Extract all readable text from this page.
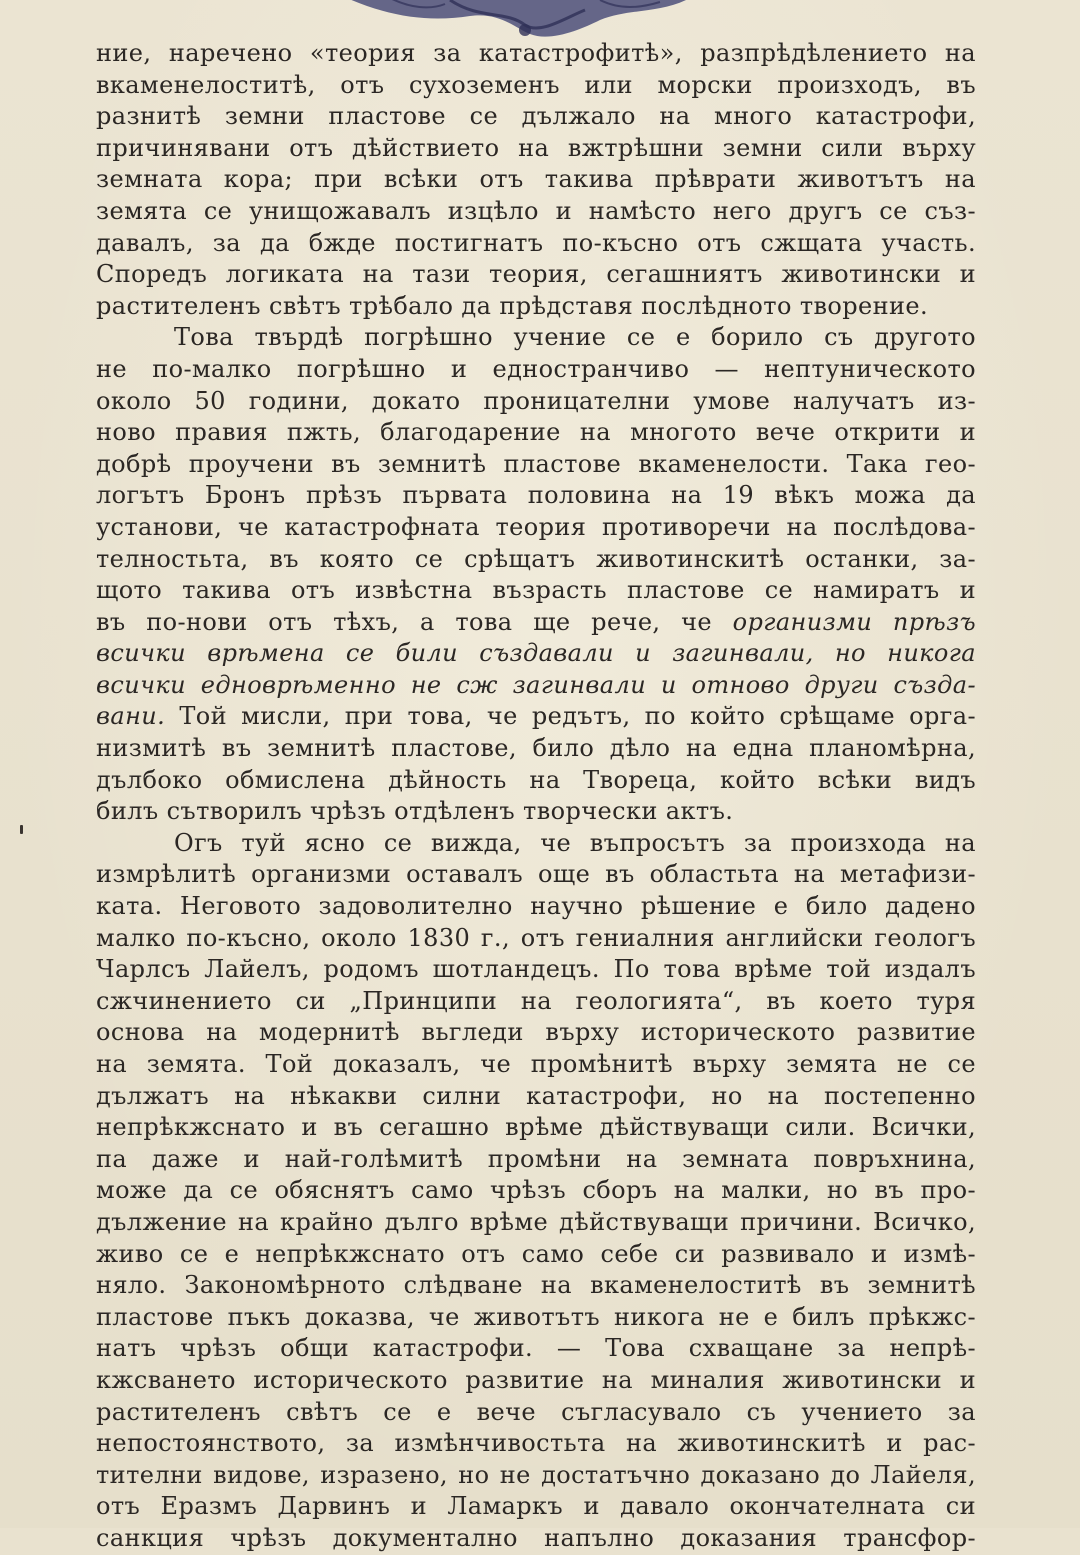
ние, наречено «теория за катастрофитѣ», разпрѣдѣлението на
вкаменелоститѣ, отъ сухоземенъ или морски произходъ, въ
разнитѣ земни пластове се дължало на много катастрофи,
причинявани отъ дѣйствието на вжтрѣшни земни сили върху
земната кора; при всѣки отъ такива прѣврати животътъ на
земята се унищожавалъ изцѣло и намѣсто него другъ се съз-
давалъ, за да бжде постигнатъ по-късно отъ сжщата участь.
Спорeдъ логиката на тази теория, сегашниятъ животински и
растителенъ свѣтъ трѣбало да прѣдставя послѣдното творение.
Това твърдѣ погрѣшно учение се е борило съ другото
не по-малко погрѣшно и едностранчиво — нептуническото
около 50 години, докато проницателни умове налучатъ из-
ново правия пжть, благодарение на многото вече открити и
добрѣ проучени въ земнитѣ пластове вкаменелости. Така гео-
логътъ Бронъ прѣзъ първата половина на 19 вѣкъ можа да
установи, че катастрофната теория противоречи на послѣдова-
телностьта, въ която се срѣщатъ животинскитѣ останки, за-
щото такива отъ извѣстна възрасть пластове се намиратъ и
въ по-нови отъ тѣхъ, а това ще рече, че организми прѣзъ
всички врѣмена се били създавали и загинвали, но никога
всички едноврѣменно не сж загинвали и отново други създа-
вани. Той мисли, при това, че редътъ, по който срѣщаме орга-
низмитѣ въ земнитѣ пластове, било дѣло на една планомѣрна,
дълбоко обмислена дѣйность на Твореца, който всѣки видъ
билъ сътворилъ чрѣзъ отдѣленъ творчески актъ.
Огъ туй ясно се вижда, че въпросътъ за произхода на
измрѣлитѣ организми оставалъ още въ областьта на метафизи-
ката. Неговото задоволително научно рѣшение е било дадено
малко по-късно, около 1830 г., отъ гениалния английски геологъ
Чарлсъ Лайелъ, родомъ шотландецъ. По това врѣме той издалъ
сжчинението си „Принципи на геологията“, въ което туря
основа на модернитѣ вьгледи върху историческото развитие
на земята. Той доказалъ, че промѣнитѣ върху земята не се
дължатъ на нѣкакви силни катастрофи, но на постепенно
непрѣкжснато и въ сегашно врѣме дѣйствуващи сили. Всички,
па даже и най-голѣмитѣ промѣни на земната повръхнина,
може да се обяснятъ само чрѣзъ сборъ на малки, но въ про-
дължение на крайно дълго врѣме дѣйствуващи причини. Всичко,
живо се е непрѣкжснато отъ само себе си развивало и измѣ-
няло. Закономѣрното слѣдване на вкаменелоститѣ въ земнитѣ
пластове пъкъ доказва, че животътъ никога не е билъ прѣкжс-
натъ чрѣзъ общи катастрофи. — Това схващане за непрѣ-
кжсването историческото развитие на миналия животински и
растителенъ свѣтъ се е вече съгласувало съ учението за
непостоянството, за измѣнчивостьта на животинскитѣ и рас-
тителни видове, изразено, но не достатъчно доказано до Лайеля,
отъ Еразмъ Дарвинъ и Ламаркъ и давало окончателната си
санкция чрѣзъ документално напълно доказания трансфор-
